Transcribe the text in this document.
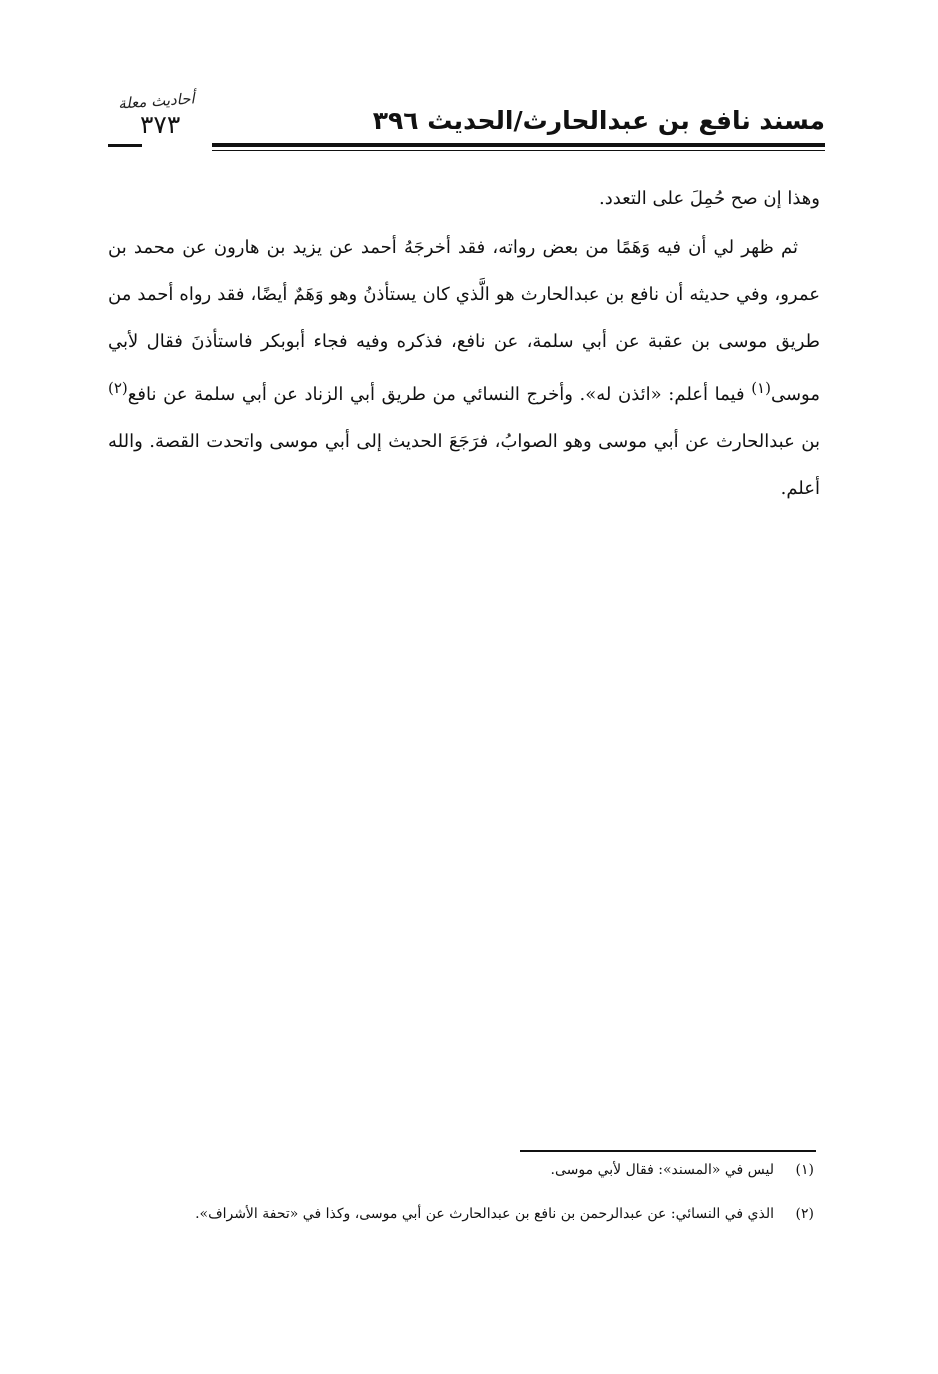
مسند نافع بن عبدالحارث/الحديث ٣٩٦
أحاديث معلة
٣٧٣

وهذا إن صح حُمِلَ على التعدد.

ثم ظهر لي أن فيه وَهَمًا من بعض رواته، فقد أخرجَهُ أحمد عن يزيد بن هارون عن محمد بن عمرو، وفي حديثه أن نافع بن عبدالحارث هو الَّذي كان يستأذنُ وهو وَهَمٌ أيضًا، فقد رواه أحمد من طريق موسى بن عقبة عن أبي سلمة، عن نافع، فذكره وفيه فجاء أبوبكر فاستأذنَ فقال لأبي موسى$^{(١)}$ فيما أعلم: «ائذن له». وأخرج النسائي من طريق أبي الزناد عن أبي سلمة عن نافع$^{(٢)}$ بن عبدالحارث عن أبي موسى وهو الصوابُ، فرَجَعَ الحديث إلى أبي موسى واتحدت القصة. والله أعلم.

(١)
ليس في «المسند»: فقال لأبي موسى.
(٢)
الذي في النسائي: عن عبدالرحمن بن نافع بن عبدالحارث عن أبي موسى، وكذا في «تحفة الأشراف».
